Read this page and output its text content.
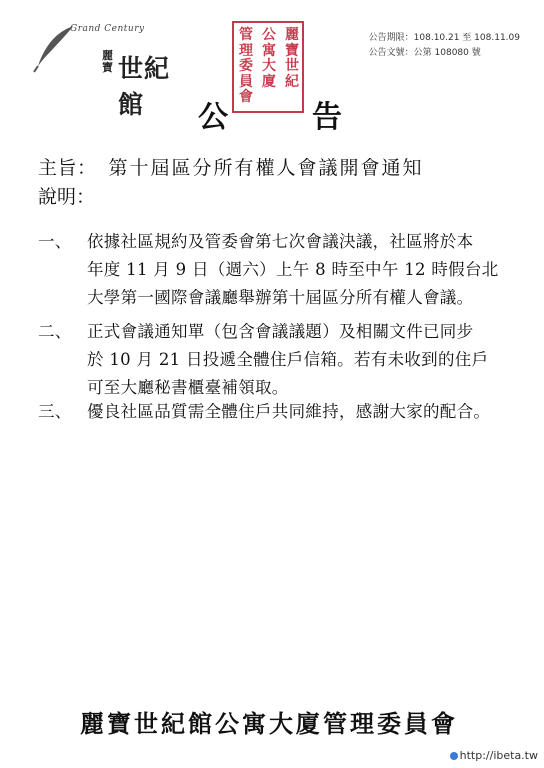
Grand Century
麗
寶 世紀館
麗
寶
世
紀
公
寓
大
廈
管
理
委
員
會
公告期限：108.10.21 至 108.11.09
公告文號：公第 108080 號
公	告
主旨： 第十屆區分所有權人會議開會通知
說明：
一、 依據社區規約及管委會第七次會議決議，社區將於本
年度 11 月 9 日（週六）上午 8 時至中午 12 時假台北
大學第一國際會議廳舉辦第十屆區分所有權人會議。
二、 正式會議通知單（包含會議議題）及相關文件已同步
於 10 月 21 日投遞全體住戶信箱。若有未收到的住戶
可至大廳秘書櫃臺補領取。
三、 優良社區品質需全體住戶共同維持，感謝大家的配合。
麗寶世紀館公寓大廈管理委員會
http://ibeta.tw
